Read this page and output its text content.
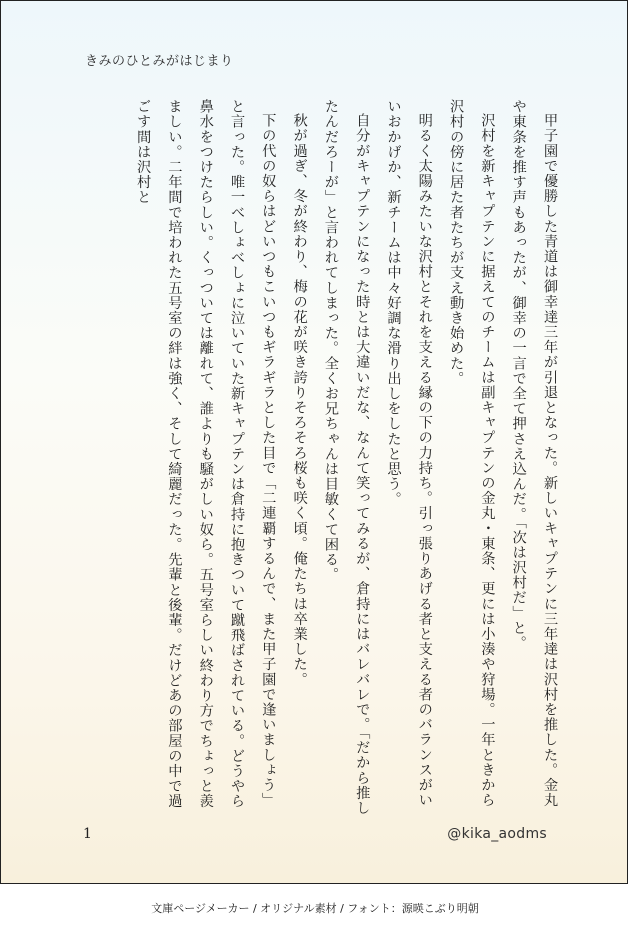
きみのひとみがはじまり

甲子園で優勝した青道は御幸達三年が引退となった。新しいキャプテンに三年達は沢村を推した。金丸や東条を推す声もあったが、御幸の一言で全て押さえ込んだ。「次は沢村だ」と。

沢村を新キャプテンに据えてのチームは副キャプテンの金丸・東条、更には小湊や狩場。一年ときから沢村の傍に居た者たちが支え動き始めた。

明るく太陽みたいな沢村とそれを支える縁の下の力持ち。引っ張りあげる者と支える者のバランスがいいおかげか、新チームは中々好調な滑り出しをしたと思う。

自分がキャプテンになった時とは大違いだな、なんて笑ってみるが、倉持にはバレバレで。「だから推したんだろーが」と言われてしまった。全くお兄ちゃんは目敏くて困る。

秋が過ぎ、冬が終わり、梅の花が咲き誇りそろそろ桜も咲く頃。俺たちは卒業した。

下の代の奴らはどいつもこいつもギラギラとした目で「二連覇するんで、また甲子園で逢いましょう」と言った。唯一べしょべしょに泣いていた新キャプテンは倉持に抱きついて蹴飛ばされている。どうやら鼻水をつけたらしい。くっついては離れて、誰よりも騒がしい奴ら。五号室らしい終わり方でちょっと羨ましい。二年間で培われた五号室の絆は強く、そして綺麗だった。先輩と後輩。だけどあの部屋の中で過ごす間は沢村と

1	@kika_aodms
文庫ページメーカー / オリジナル素材 / フォント：源暎こぶり明朝
